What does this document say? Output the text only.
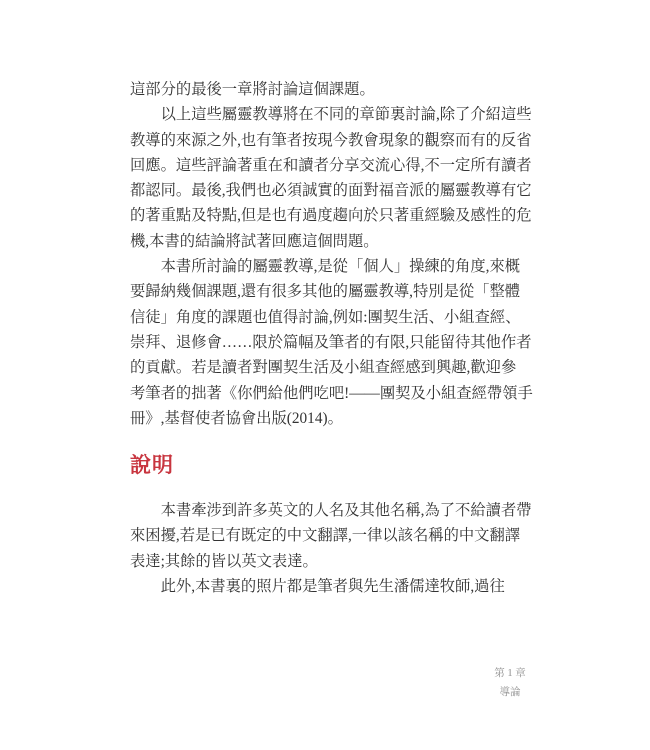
這部分的最後一章將討論這個課題。
以上這些屬靈教導將在不同的章節裏討論,除了介紹這些
教導的來源之外,也有筆者按現今教會現象的觀察而有的反省
回應。這些評論著重在和讀者分享交流心得,不一定所有讀者
都認同。最後,我們也必須誠實的面對福音派的屬靈教導有它
的著重點及特點,但是也有過度趨向於只著重經驗及感性的危
機,本書的結論將試著回應這個問題。
本書所討論的屬靈教導,是從「個人」操練的角度,來概
要歸納幾個課題,還有很多其他的屬靈教導,特別是從「整體
信徒」角度的課題也值得討論,例如:團契生活、小組查經、
崇拜、退修會……限於篇幅及筆者的有限,只能留待其他作者
的貢獻。若是讀者對團契生活及小組查經感到興趣,歡迎參
考筆者的拙著《你們給他們吃吧!——團契及小組查經帶領手
冊》,基督使者協會出版(2014)。
說明
本書牽涉到許多英文的人名及其他名稱,為了不給讀者帶
來困擾,若是已有既定的中文翻譯,一律以該名稱的中文翻譯
表達;其餘的皆以英文表達。
此外,本書裏的照片都是筆者與先生潘儒達牧師,過往
第 1 章
導論
